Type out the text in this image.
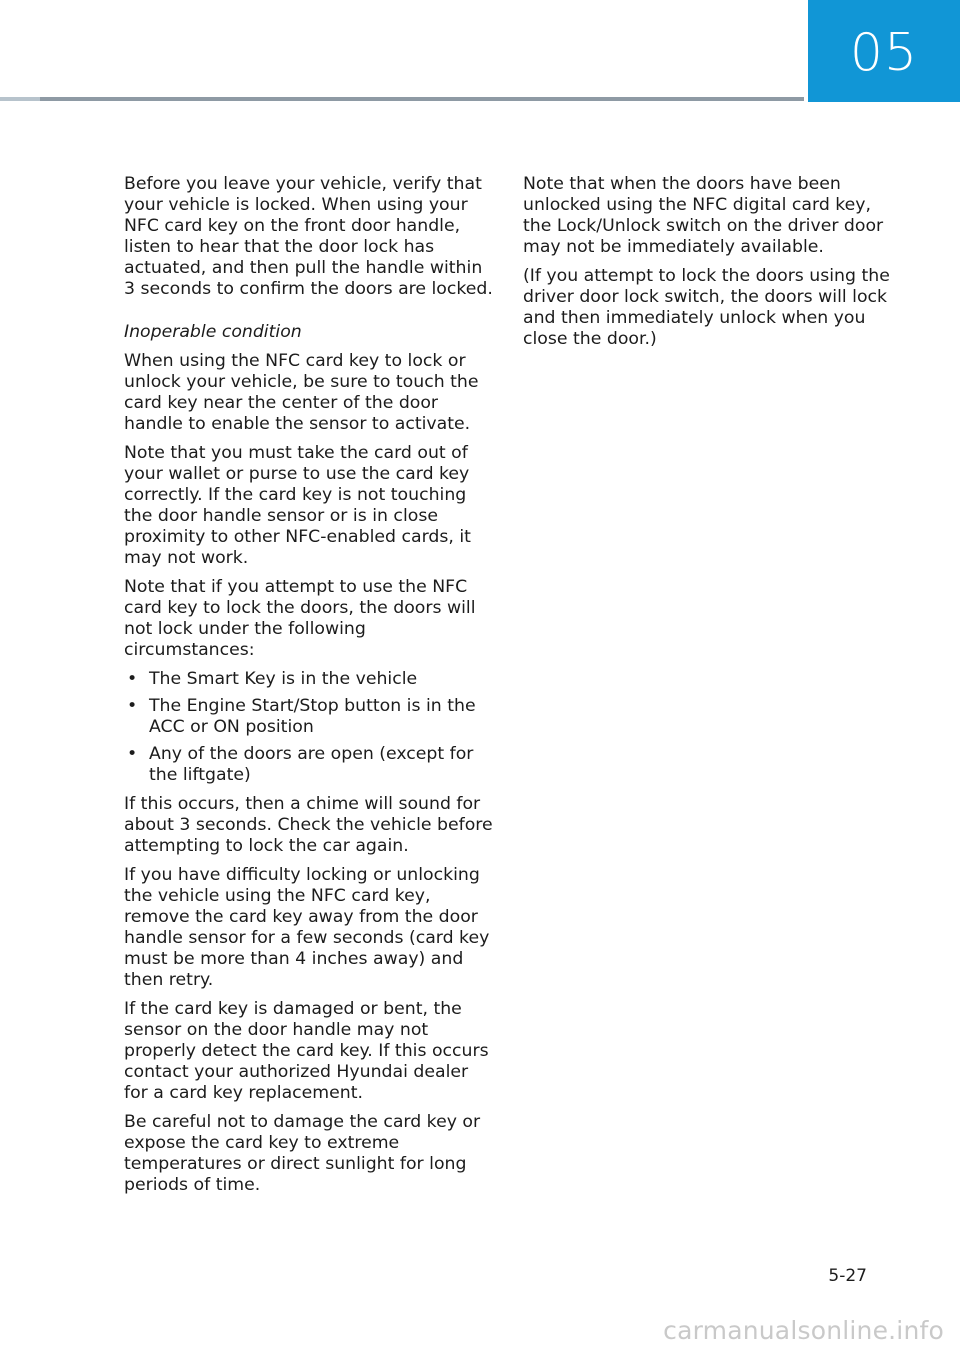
05

Before you leave your vehicle, verify that your vehicle is locked. When using your NFC card key on the front door handle, listen to hear that the door lock has actuated, and then pull the handle within 3 seconds to confirm the doors are locked.

Inoperable condition

When using the NFC card key to lock or unlock your vehicle, be sure to touch the card key near the center of the door handle to enable the sensor to activate.

Note that you must take the card out of your wallet or purse to use the card key correctly. If the card key is not touching the door handle sensor or is in close proximity to other NFC-enabled cards, it may not work.

Note that if you attempt to use the NFC card key to lock the doors, the doors will not lock under the following circumstances:

• The Smart Key is in the vehicle
• The Engine Start/Stop button is in the ACC or ON position
• Any of the doors are open (except for the liftgate)

If this occurs, then a chime will sound for about 3 seconds. Check the vehicle before attempting to lock the car again.

If you have difficulty locking or unlocking the vehicle using the NFC card key, remove the card key away from the door handle sensor for a few seconds (card key must be more than 4 inches away) and then retry.

If the card key is damaged or bent, the sensor on the door handle may not properly detect the card key. If this occurs contact your authorized Hyundai dealer for a card key replacement.

Be careful not to damage the card key or expose the card key to extreme temperatures or direct sunlight for long periods of time.

Note that when the doors have been unlocked using the NFC digital card key, the Lock/Unlock switch on the driver door may not be immediately available.

(If you attempt to lock the doors using the driver door lock switch, the doors will lock and then immediately unlock when you close the door.)

5-27
carmanualsonline.info
